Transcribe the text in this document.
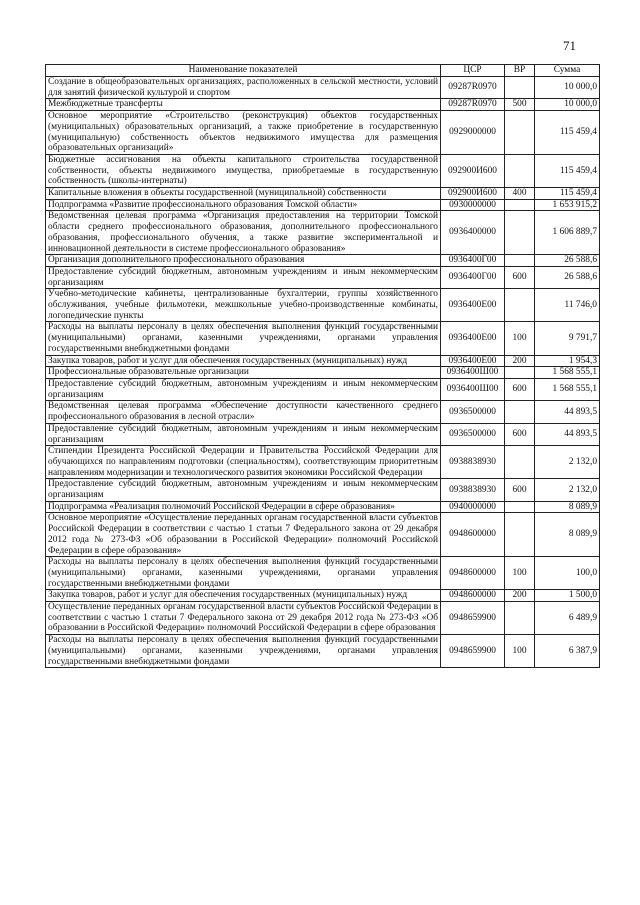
71
Наименование показателей	ЦСР	ВР	Сумма
Создание в общеобразовательных организациях, расположенных в сельской местности, условий для занятий физической культурой и спортом	09287R0970		10 000,0
Межбюджетные трансферты	09287R0970	500	10 000,0
Основное мероприятие «Строительство (реконструкция) объектов государственных (муниципальных) образовательных организаций, а также приобретение в государственную (муниципальную) собственность объектов недвижимого имущества для размещения образовательных организаций»	0929000000		115 459,4
Бюджетные ассигнования на объекты капитального строительства государственной собственности, объекты недвижимого имущества, приобретаемые в государственную собственность (школы-интернаты)	092900И600		115 459,4
Капитальные вложения в объекты государственной (муниципальной) собственности	092900И600	400	115 459,4
Подпрограмма «Развитие профессионального образования Томской области»	0930000000		1 653 915,2
Ведомственная целевая программа «Организация предоставления на территории Томской области среднего профессионального образования, дополнительного профессионального образования, профессионального обучения, а также развитие экспериментальной и инновационной деятельности в системе профессионального образования»	0936400000		1 606 889,7
Организация дополнительного профессионального образования	0936400Г00		26 588,6
Предоставление субсидий бюджетным, автономным учреждениям и иным некоммерческим организациям	0936400Г00	600	26 588,6
Учебно-методические кабинеты, централизованные бухгалтерии, группы хозяйственного обслуживания, учебные фильмотеки, межшкольные учебно-производственные комбинаты, логопедические пункты	0936400Е00		11 746,0
Расходы на выплаты персоналу в целях обеспечения выполнения функций государственными (муниципальными) органами, казенными учреждениями, органами управления государственными внебюджетными фондами	0936400Е00	100	9 791,7
Закупка товаров, работ и услуг для обеспечения государственных (муниципальных) нужд	0936400Е00	200	1 954,3
Профессиональные образовательные организации	0936400Ш00		1 568 555,1
Предоставление субсидий бюджетным, автономным учреждениям и иным некоммерческим организациям	0936400Ш00	600	1 568 555,1
Ведомственная целевая программа «Обеспечение доступности качественного среднего профессионального образования в лесной отрасли»	0936500000		44 893,5
Предоставление субсидий бюджетным, автономным учреждениям и иным некоммерческим организациям	0936500000	600	44 893,5
Стипендии Президента Российской Федерации и Правительства Российской Федерации для обучающихся по направлениям подготовки (специальностям), соответствующим приоритетным направлениям модернизации и технологического развития экономики Российской Федерации	0938838930		2 132,0
Предоставление субсидий бюджетным, автономным учреждениям и иным некоммерческим организациям	0938838930	600	2 132,0
Подпрограмма «Реализация полномочий Российской Федерации в сфере образования»	0940000000		8 089,9
Основное мероприятие «Осуществление переданных органам государственной власти субъектов Российской Федерации в соответствии с частью 1 статьи 7 Федерального закона от 29 декабря 2012 года № 273-ФЗ «Об образовании в Российской Федерации» полномочий Российской Федерации в сфере образования»	0948600000		8 089,9
Расходы на выплаты персоналу в целях обеспечения выполнения функций государственными (муниципальными) органами, казенными учреждениями, органами управления государственными внебюджетными фондами	0948600000	100	100,0
Закупка товаров, работ и услуг для обеспечения государственных (муниципальных) нужд	0948600000	200	1 500,0
Осуществление переданных органам государственной власти субъектов Российской Федерации в соответствии с частью 1 статьи 7 Федерального закона от 29 декабря 2012 года № 273-ФЗ «Об образовании в Российской Федерации» полномочий Российской Федерации в сфере образования	0948659900		6 489,9
Расходы на выплаты персоналу в целях обеспечения выполнения функций государственными (муниципальными) органами, казенными учреждениями, органами управления государственными внебюджетными фондами	0948659900	100	6 387,9
